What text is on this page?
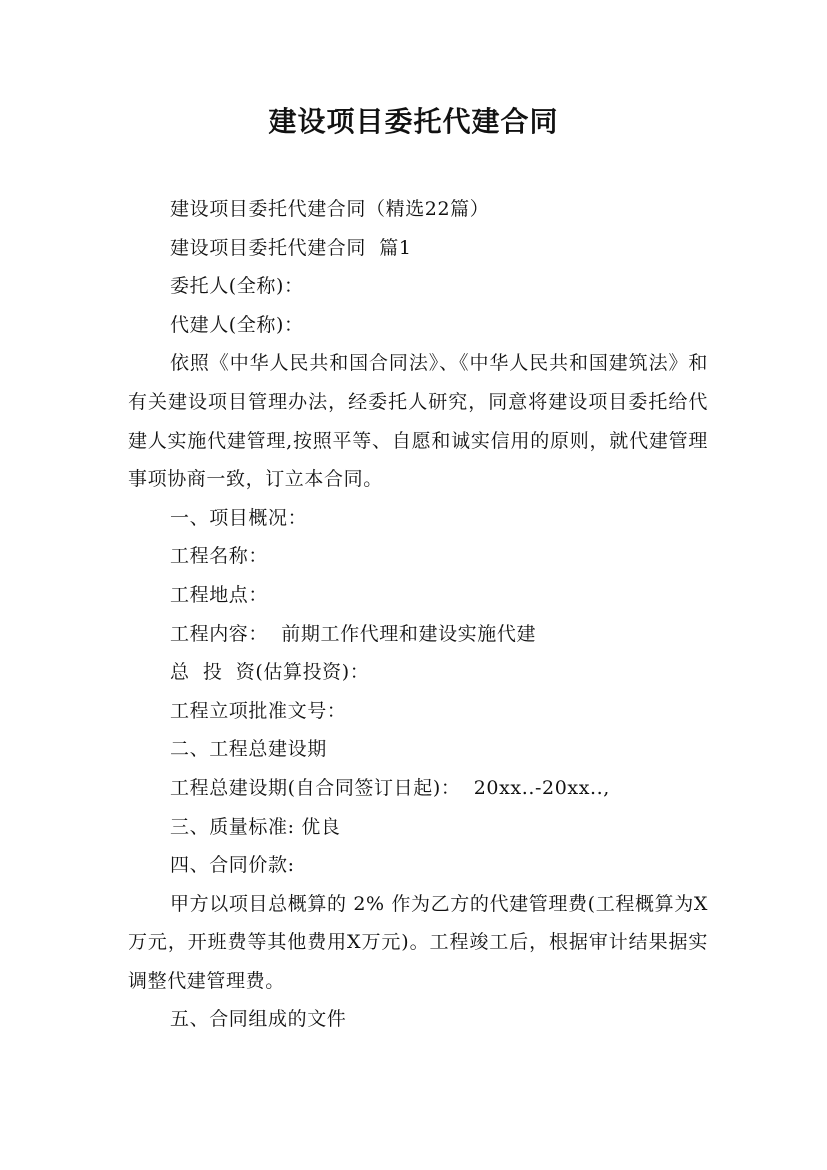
建设项目委托代建合同

建设项目委托代建合同（精选22篇）

建设项目委托代建合同  篇1

委托人(全称)：

代建人(全称)：

依照《中华人民共和国合同法》、《中华人民共和国建筑法》和有关建设项目管理办法，经委托人研究，同意将建设项目委托给代建人实施代建管理,按照平等、自愿和诚实信用的原则，就代建管理事项协商一致，订立本合同。

一、项目概况：

工程名称：

工程地点：

工程内容：  前期工作代理和建设实施代建

总  投  资(估算投资)：

工程立项批准文号：

二、工程总建设期

工程总建设期(自合同签订日起)：  20xx..-20xx..,

三、质量标准: 优良

四、合同价款:

甲方以项目总概算的 2% 作为乙方的代建管理费(工程概算为X万元，开班费等其他费用X万元)。工程竣工后，根据审计结果据实调整代建管理费。

五、合同组成的文件
